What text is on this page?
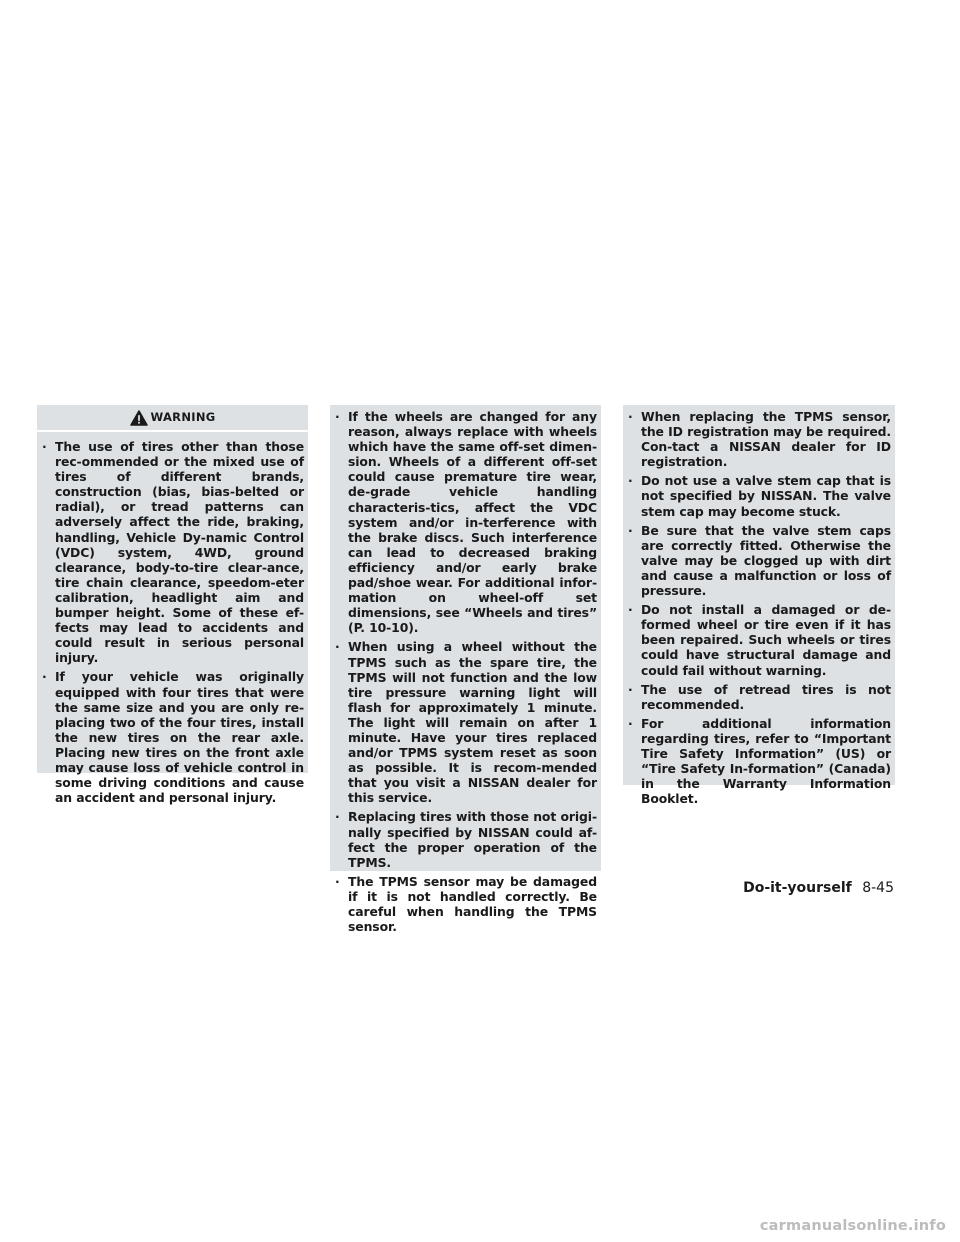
WARNING
· The use of tires other than those rec-ommended or the mixed use of tires of different brands, construction (bias, bias-belted or radial), or tread patterns can adversely affect the ride, braking, handling, Vehicle Dy-namic Control (VDC) system, 4WD, ground clearance, body-to-tire clear-ance, tire chain clearance, speedom-eter calibration, headlight aim and bumper height. Some of these ef-fects may lead to accidents and could result in serious personal injury.
· If your vehicle was originally equipped with four tires that were the same size and you are only re-placing two of the four tires, install the new tires on the rear axle. Placing new tires on the front axle may cause loss of vehicle control in some driving conditions and cause an accident and personal injury.
· If the wheels are changed for any reason, always replace with wheels which have the same off-set dimen-sion. Wheels of a different off-set could cause premature tire wear, de-grade vehicle handling characteris-tics, affect the VDC system and/or in-terference with the brake discs. Such interference can lead to decreased braking efficiency and/or early brake pad/shoe wear. For additional infor-mation on wheel-off set dimensions, see “Wheels and tires” (P. 10-10).
· When using a wheel without the TPMS such as the spare tire, the TPMS will not function and the low tire pressure warning light will flash for approximately 1 minute. The light will remain on after 1 minute. Have your tires replaced and/or TPMS system reset as soon as possible. It is recom-mended that you visit a NISSAN dealer for this service.
· Replacing tires with those not origi-nally specified by NISSAN could af-fect the proper operation of the TPMS.
· The TPMS sensor may be damaged if it is not handled correctly. Be careful when handling the TPMS sensor.
· When replacing the TPMS sensor, the ID registration may be required. Con-tact a NISSAN dealer for ID registration.
· Do not use a valve stem cap that is not specified by NISSAN. The valve stem cap may become stuck.
· Be sure that the valve stem caps are correctly fitted. Otherwise the valve may be clogged up with dirt and cause a malfunction or loss of pressure.
· Do not install a damaged or de-formed wheel or tire even if it has been repaired. Such wheels or tires could have structural damage and could fail without warning.
· The use of retread tires is not recommended.
· For additional information regarding tires, refer to “Important Tire Safety Information” (US) or “Tire Safety In-formation” (Canada) in the Warranty Information Booklet.
Do-it-yourself 8-45
carmanualsonline.info
